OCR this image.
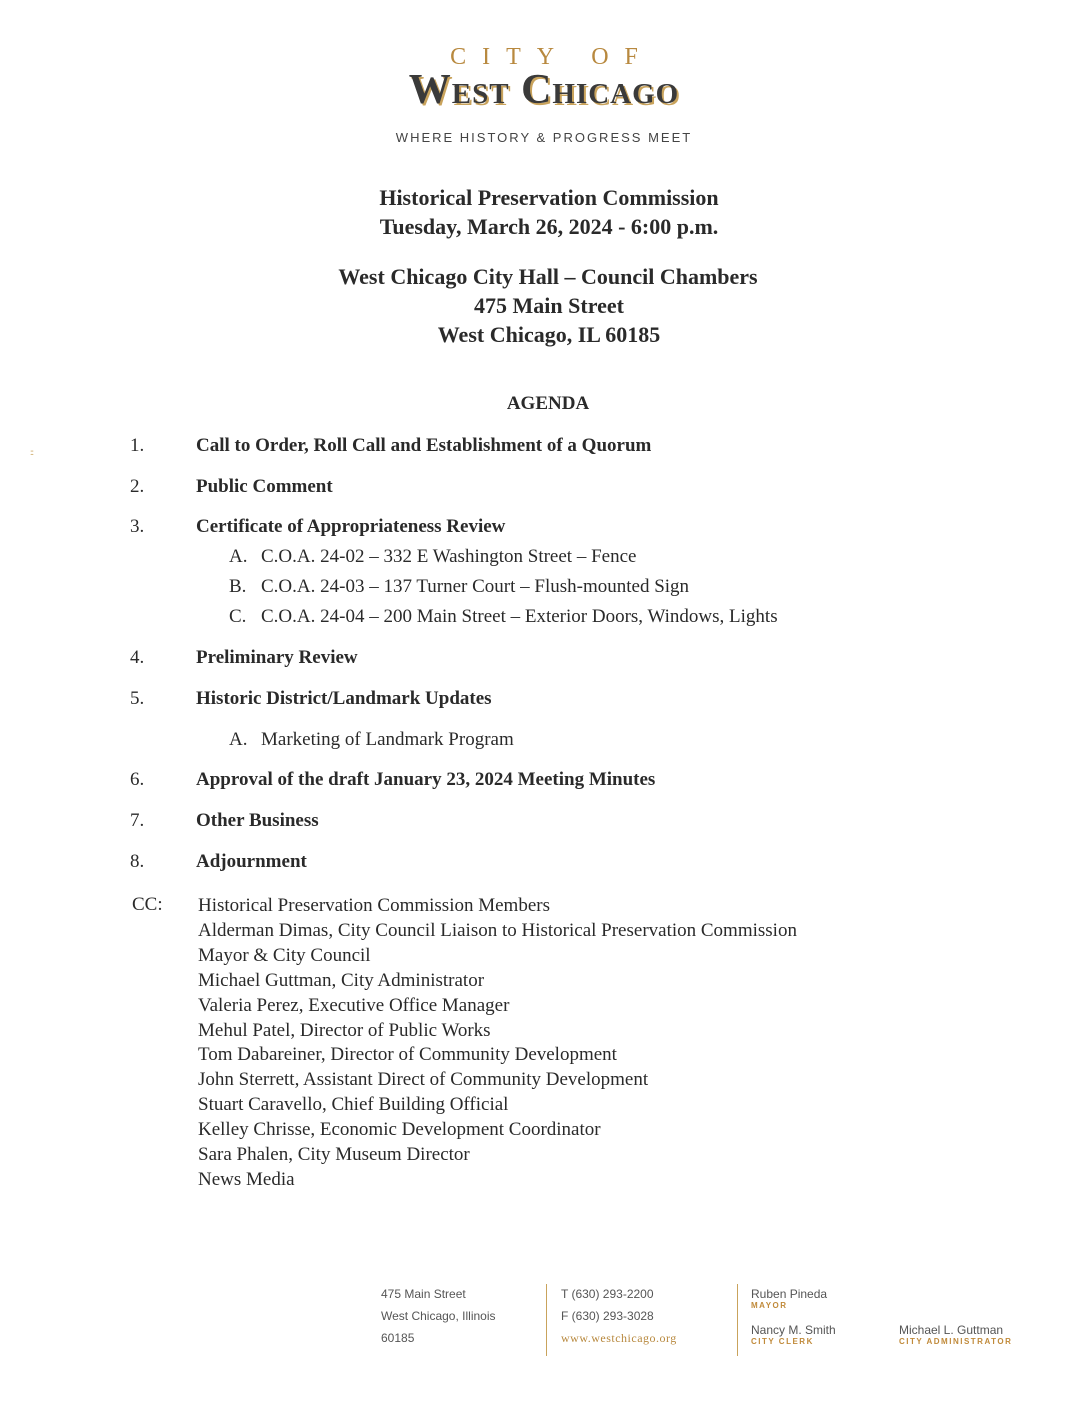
CITY OF
West Chicago
WHERE HISTORY & PROGRESS MEET
Historical Preservation Commission
Tuesday, March 26, 2024 - 6:00 p.m.
West Chicago City Hall – Council Chambers
475 Main Street
West Chicago, IL 60185
AGENDA
::	1.	Call to Order, Roll Call and Establishment of a Quorum
2.	Public Comment
3.	Certificate of Appropriateness Review
A. C.O.A. 24-02 – 332 E Washington Street – Fence
B. C.O.A. 24-03 – 137 Turner Court – Flush-mounted Sign
C. C.O.A. 24-04 – 200 Main Street – Exterior Doors, Windows, Lights
4.	Preliminary Review
5.	Historic District/Landmark Updates
A. Marketing of Landmark Program
6.	Approval of the draft January 23, 2024 Meeting Minutes
7.	Other Business
8.	Adjournment
CC: Historical Preservation Commission Members
Alderman Dimas, City Council Liaison to Historical Preservation Commission
Mayor & City Council
Michael Guttman, City Administrator
Valeria Perez, Executive Office Manager
Mehul Patel, Director of Public Works
Tom Dabareiner, Director of Community Development
John Sterrett, Assistant Direct of Community Development
Stuart Caravello, Chief Building Official
Kelley Chrisse, Economic Development Coordinator
Sara Phalen, City Museum Director
News Media
475 Main Street
West Chicago, Illinois
60185
T (630) 293-2200
F (630) 293-3028
www.westchicago.org
Ruben Pineda
MAYOR
Nancy M. Smith
CITY CLERK
Michael L. Guttman
CITY ADMINISTRATOR
